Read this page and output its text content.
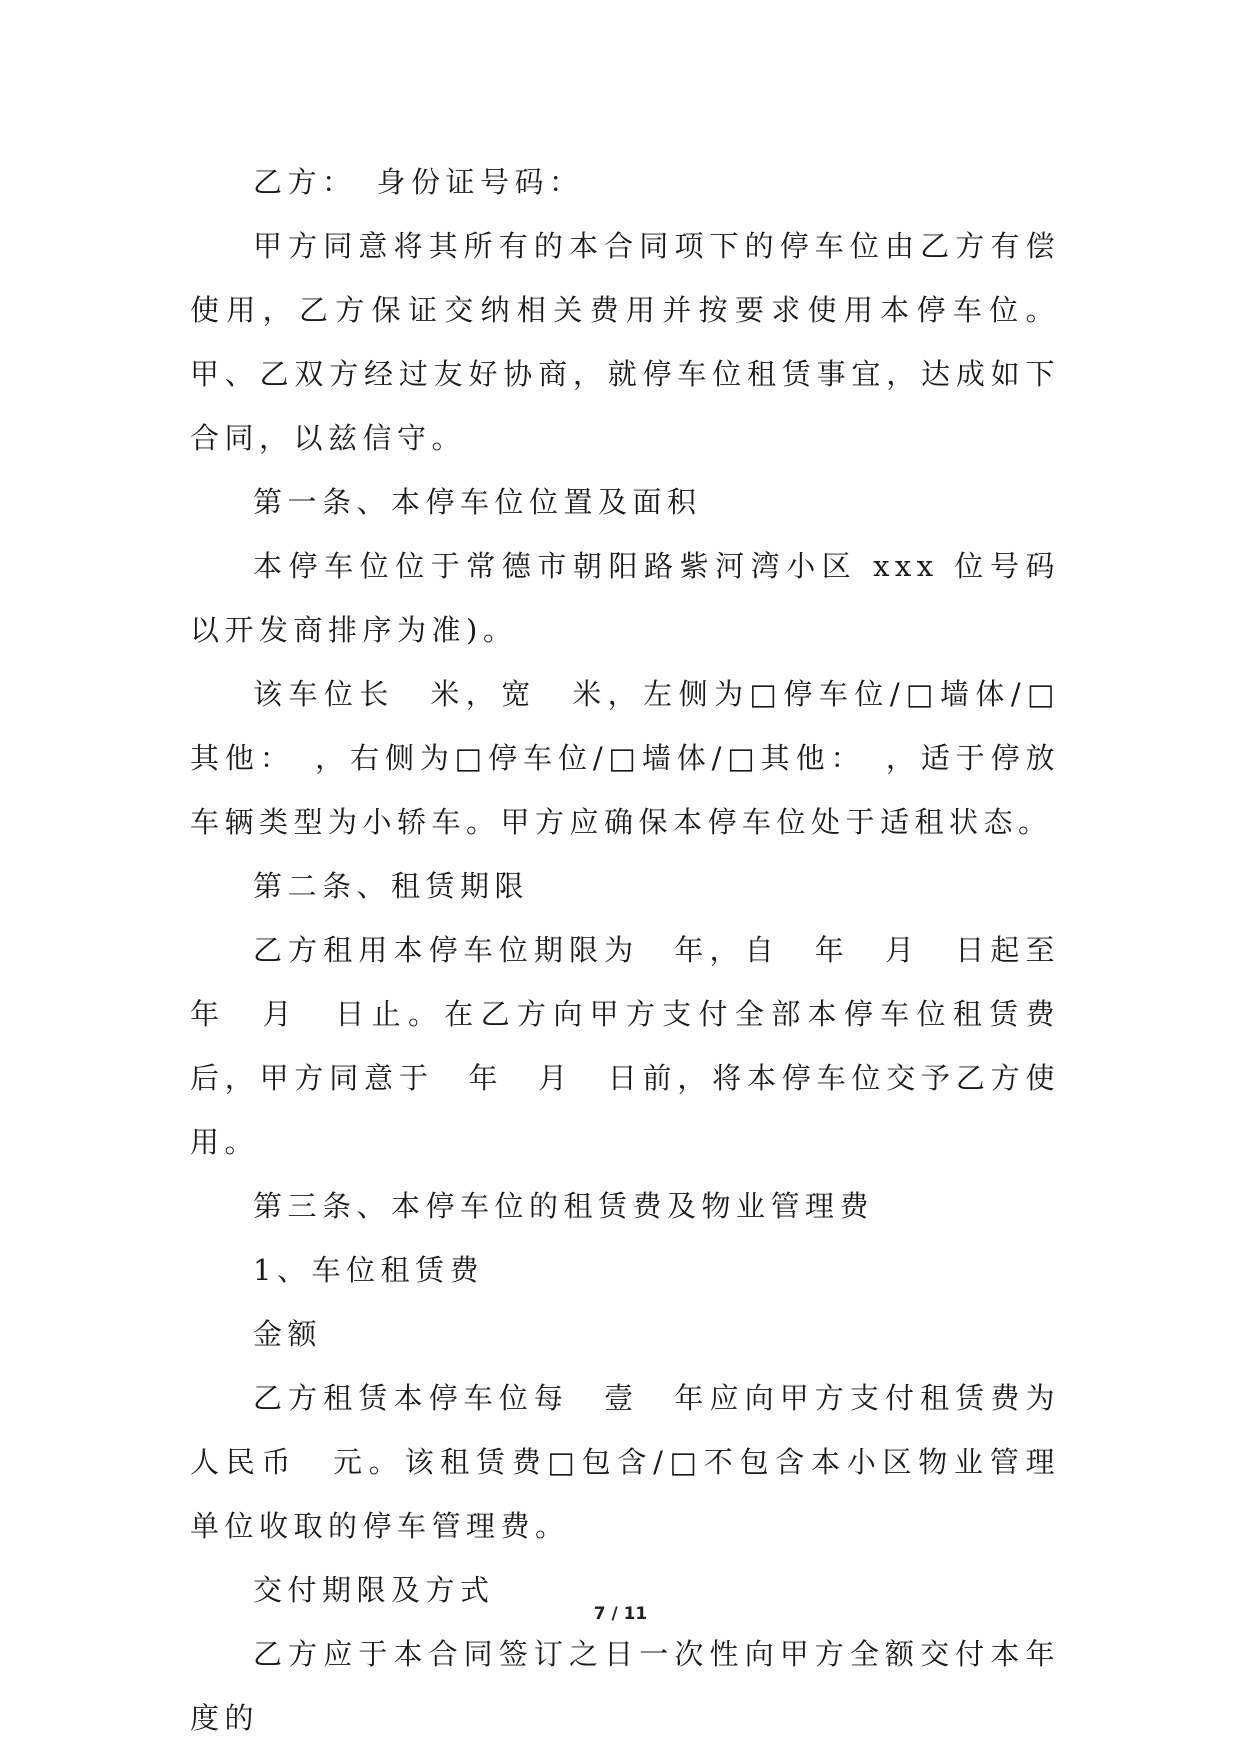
乙方：　身份证号码：

甲方同意将其所有的本合同项下的停车位由乙方有偿使用，乙方保证交纳相关费用并按要求使用本停车位。甲、乙双方经过友好协商，就停车位租赁事宜，达成如下合同，以兹信守。

第一条、本停车位位置及面积

本停车位位于常德市朝阳路紫河湾小区 xxx 位号码以开发商排序为准)。

该车位长　米，宽　米，左侧为□停车位/□墙体/□其他：　，右侧为□停车位/□墙体/□其他：　，适于停放车辆类型为小轿车。甲方应确保本停车位处于适租状态。

第二条、租赁期限

乙方租用本停车位期限为　年，自　年　月　日起至　年　月　日止。在乙方向甲方支付全部本停车位租赁费后，甲方同意于　年　月　日前，将本停车位交予乙方使用。

第三条、本停车位的租赁费及物业管理费

1、车位租赁费

金额

乙方租赁本停车位每　壹　年应向甲方支付租赁费为人民币　元。该租赁费□包含/□不包含本小区物业管理单位收取的停车管理费。

交付期限及方式

乙方应于本合同签订之日一次性向甲方全额交付本年度的

7 / 11
